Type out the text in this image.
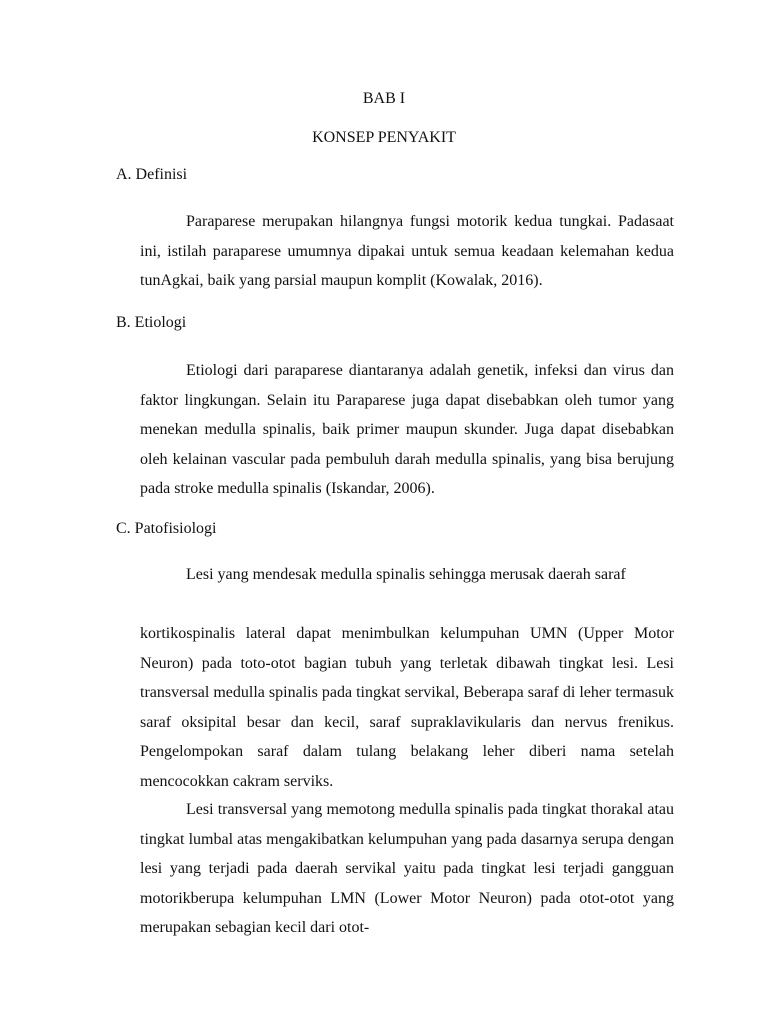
BAB I
KONSEP PENYAKIT
A. Definisi

Paraparese merupakan hilangnya fungsi motorik kedua tungkai. Padasaat ini, istilah paraparese umumnya dipakai untuk semua keadaan kelemahan kedua tunAgkai, baik yang parsial maupun komplit (Kowalak, 2016).

B. Etiologi

Etiologi dari paraparese diantaranya adalah genetik, infeksi dan virus dan faktor lingkungan. Selain itu Paraparese juga dapat disebabkan oleh tumor yang menekan medulla spinalis, baik primer maupun skunder. Juga dapat disebabkan oleh kelainan vascular pada pembuluh darah medulla spinalis, yang bisa berujung pada stroke medulla spinalis (Iskandar, 2006).

C. Patofisiologi

Lesi yang mendesak medulla spinalis sehingga merusak daerah saraf

kortikospinalis lateral dapat menimbulkan kelumpuhan UMN (Upper Motor Neuron) pada toto-otot bagian tubuh yang terletak dibawah tingkat lesi. Lesi transversal medulla spinalis pada tingkat servikal, Beberapa saraf di leher termasuk saraf oksipital besar dan kecil, saraf supraklavikularis dan nervus frenikus. Pengelompokan saraf dalam tulang belakang leher diberi nama setelah mencocokkan cakram serviks.

Lesi transversal yang memotong medulla spinalis pada tingkat thorakal atau tingkat lumbal atas mengakibatkan kelumpuhan yang pada dasarnya serupa dengan lesi yang terjadi pada daerah servikal yaitu pada tingkat lesi terjadi gangguan motorikberupa kelumpuhan LMN (Lower Motor Neuron) pada otot-otot yang merupakan sebagian kecil dari otot-
